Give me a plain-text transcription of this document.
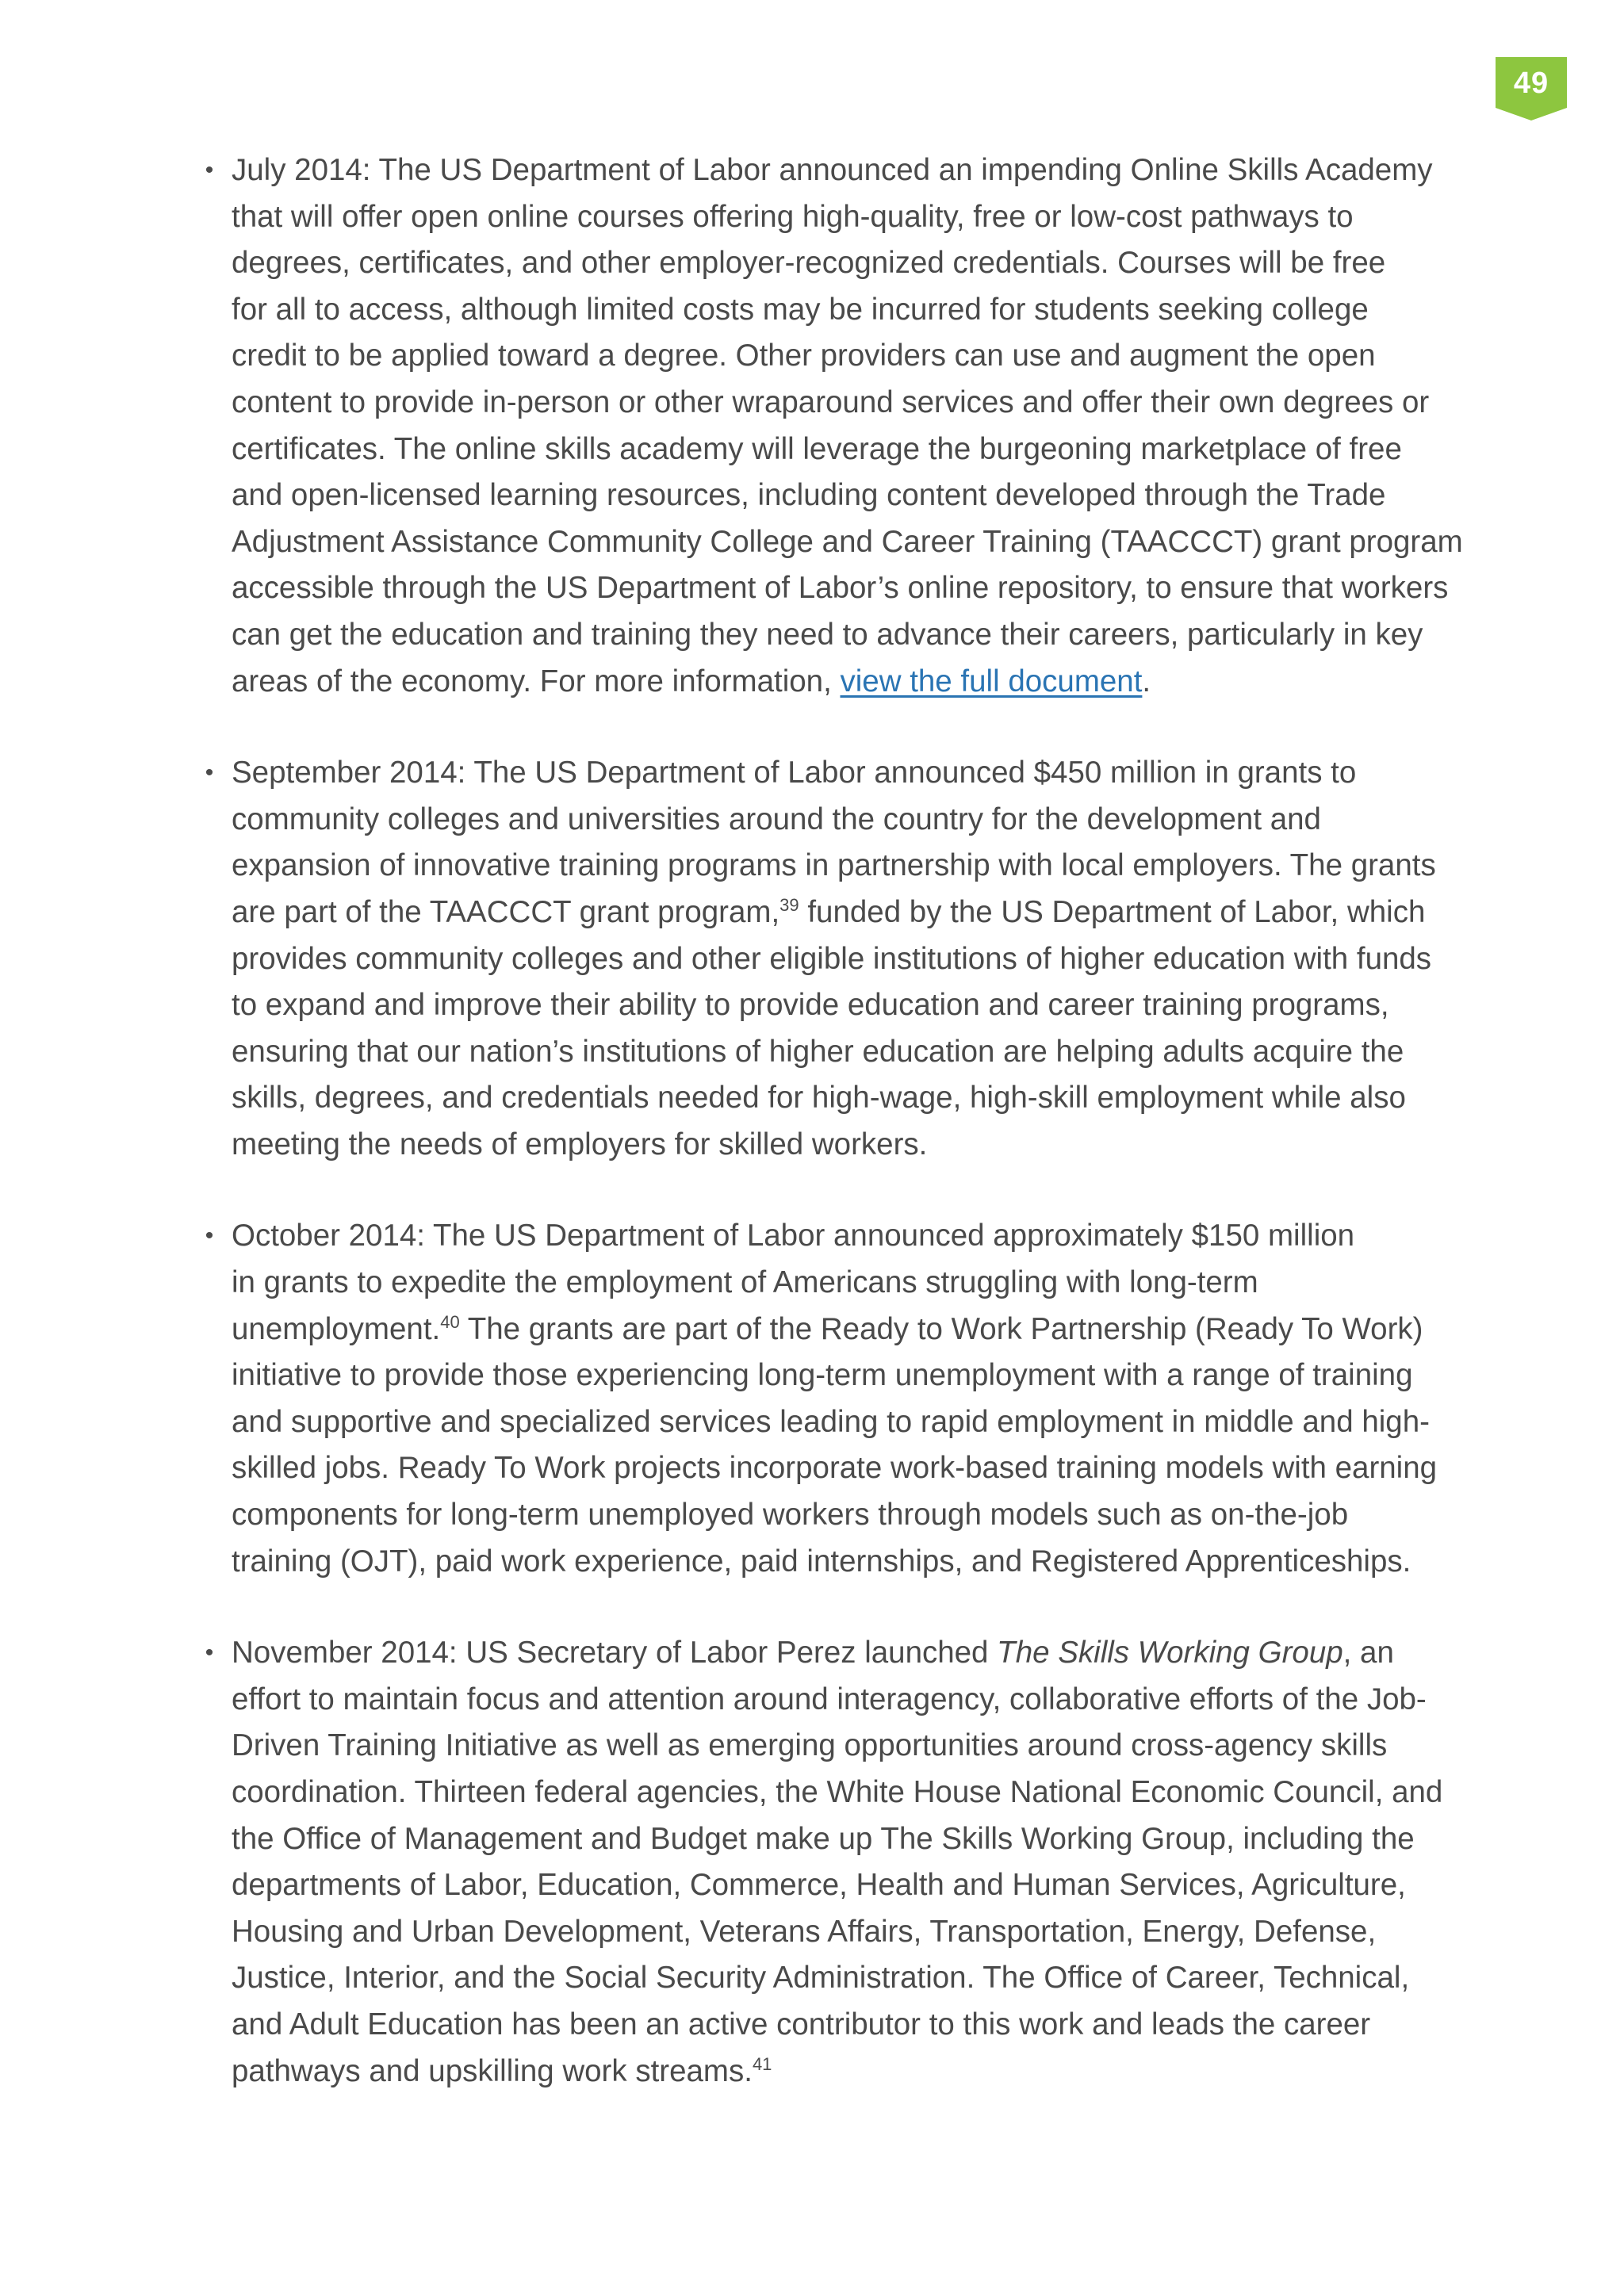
49
• July 2014: The US Department of Labor announced an impending Online Skills Academy
that will offer open online courses offering high-quality, free or low-cost pathways to
degrees, certificates, and other employer-recognized credentials. Courses will be free
for all to access, although limited costs may be incurred for students seeking college
credit to be applied toward a degree. Other providers can use and augment the open
content to provide in-person or other wraparound services and offer their own degrees or
certificates. The online skills academy will leverage the burgeoning marketplace of free
and open-licensed learning resources, including content developed through the Trade
Adjustment Assistance Community College and Career Training (TAACCCT) grant program
accessible through the US Department of Labor’s online repository, to ensure that workers
can get the education and training they need to advance their careers, particularly in key
areas of the economy. For more information, view the full document.
• September 2014: The US Department of Labor announced $450 million in grants to
community colleges and universities around the country for the development and
expansion of innovative training programs in partnership with local employers. The grants
are part of the TAACCCT grant program,$^{39}$ funded by the US Department of Labor, which
provides community colleges and other eligible institutions of higher education with funds
to expand and improve their ability to provide education and career training programs,
ensuring that our nation’s institutions of higher education are helping adults acquire the
skills, degrees, and credentials needed for high-wage, high-skill employment while also
meeting the needs of employers for skilled workers.
• October 2014: The US Department of Labor announced approximately $150 million
in grants to expedite the employment of Americans struggling with long-term
unemployment.$^{40}$ The grants are part of the Ready to Work Partnership (Ready To Work)
initiative to provide those experiencing long-term unemployment with a range of training
and supportive and specialized services leading to rapid employment in middle and high-
skilled jobs. Ready To Work projects incorporate work-based training models with earning
components for long-term unemployed workers through models such as on-the-job
training (OJT), paid work experience, paid internships, and Registered Apprenticeships.
• November 2014: US Secretary of Labor Perez launched The Skills Working Group, an
effort to maintain focus and attention around interagency, collaborative efforts of the Job-
Driven Training Initiative as well as emerging opportunities around cross-agency skills
coordination. Thirteen federal agencies, the White House National Economic Council, and
the Office of Management and Budget make up The Skills Working Group, including the
departments of Labor, Education, Commerce, Health and Human Services, Agriculture,
Housing and Urban Development, Veterans Affairs, Transportation, Energy, Defense,
Justice, Interior, and the Social Security Administration. The Office of Career, Technical,
and Adult Education has been an active contributor to this work and leads the career
pathways and upskilling work streams.$^{41}$
